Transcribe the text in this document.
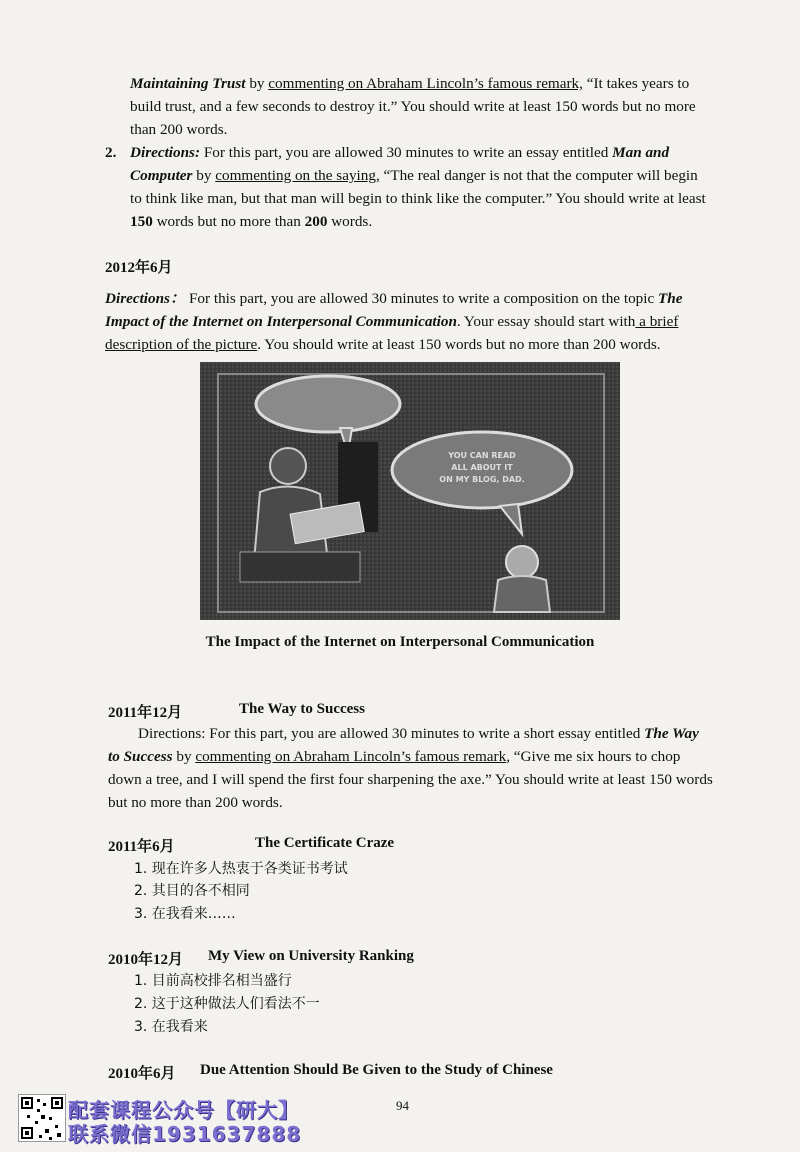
Maintaining Trust by commenting on Abraham Lincoln’s famous remark, “It takes years to build trust, and a few seconds to destroy it.” You should write at least 150 words but no more than 200 words.

2. Directions: For this part, you are allowed 30 minutes to write an essay entitled Man and Computer by commenting on the saying, “The real danger is not that the computer will begin to think like man, but that man will begin to think like the computer.” You should write at least 150 words but no more than 200 words.

2012年6月

Directions： For this part, you are allowed 30 minutes to write a composition on the topic The Impact of the Internet on Interpersonal Communication. Your essay should start with a brief description of the picture. You should write at least 150 words but no more than 200 words.

YOU CAN READ
ALL ABOUT IT
ON MY BLOG, DAD.
The Impact of the Internet on Interpersonal Communication
2011年12月	The Way to Success

Directions: For this part, you are allowed 30 minutes to write a short essay entitled The Way to Success by commenting on Abraham Lincoln’s famous remark, “Give me six hours to chop down a tree, and I will spend the first four sharpening the axe.” You should write at least 150 words but no more than 200 words.

2011年6月	The Certificate Craze
1. 现在许多人热衷于各类证书考试
2. 其目的各不相同
3. 在我看来……
2010年12月 My View on University Ranking
1. 目前高校排名相当盛行
2. 这于这种做法人们看法不一
3. 在我看来
2010年6月 Due Attention Should Be Given to the Study of Chinese
配套课程公众号【研大】
联系微信1931637888
94
